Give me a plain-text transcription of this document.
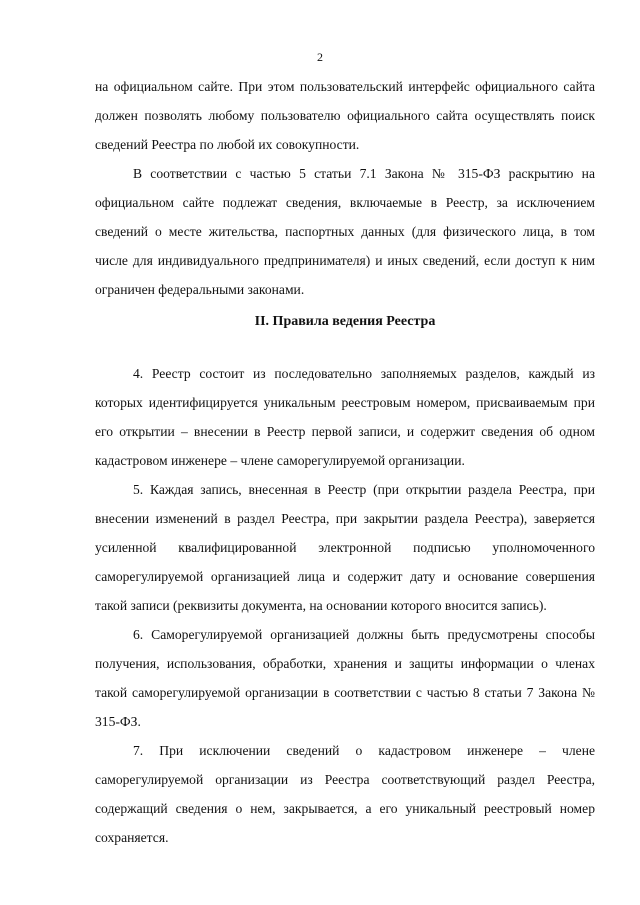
2

на официальном сайте. При этом пользовательский интерфейс официального сайта должен позволять любому пользователю официального сайта осуществлять поиск сведений Реестра по любой их совокупности.

В соответствии с частью 5 статьи 7.1 Закона № 315-ФЗ раскрытию на официальном сайте подлежат сведения, включаемые в Реестр, за исключением сведений о месте жительства, паспортных данных (для физического лица, в том числе для индивидуального предпринимателя) и иных сведений, если доступ к ним ограничен федеральными законами.

II. Правила ведения Реестра

4. Реестр состоит из последовательно заполняемых разделов, каждый из которых идентифицируется уникальным реестровым номером, присваиваемым при его открытии – внесении в Реестр первой записи, и содержит сведения об одном кадастровом инженере – члене саморегулируемой организации.

5. Каждая запись, внесенная в Реестр (при открытии раздела Реестра, при внесении изменений в раздел Реестра, при закрытии раздела Реестра), заверяется усиленной квалифицированной электронной подписью уполномоченного саморегулируемой организацией лица и содержит дату и основание совершения такой записи (реквизиты документа, на основании которого вносится запись).

6. Саморегулируемой организацией должны быть предусмотрены способы получения, использования, обработки, хранения и защиты информации о членах такой саморегулируемой организации в соответствии с частью 8 статьи 7 Закона № 315-ФЗ.

7. При исключении сведений о кадастровом инженере – члене саморегулируемой организации из Реестра соответствующий раздел Реестра, содержащий сведения о нем, закрывается, а его уникальный реестровый номер сохраняется.
